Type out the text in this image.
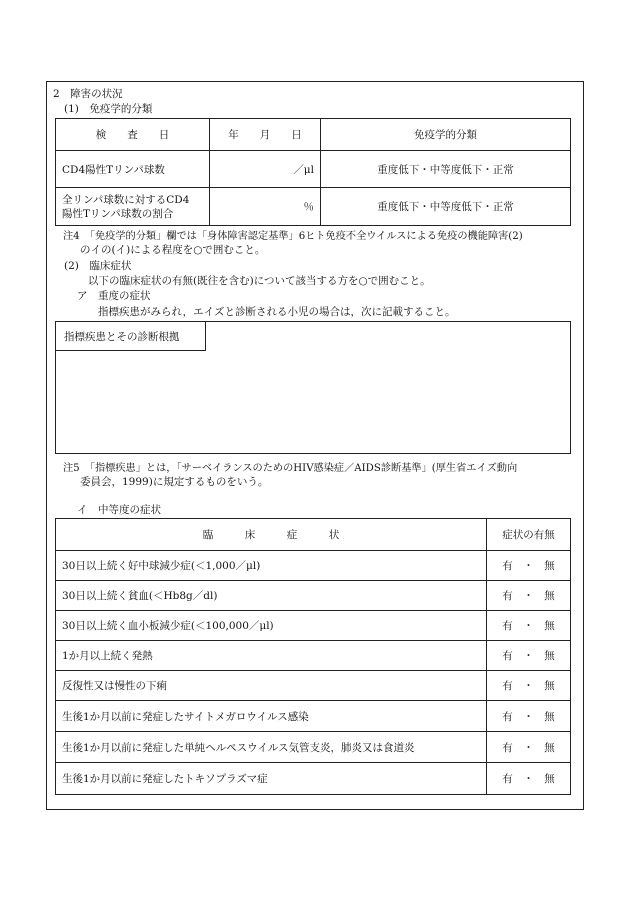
2　障害の状況
(1)　免疫学的分類
検　　査　　日	年　　月　　日	免疫学的分類
CD4陽性Tリンパ球数	／μl	重度低下・中等度低下・正常

全リンパ球数に対するCD4
陽性Tリンパ球数の割合	％	重度低下・中等度低下・正常
注4　「免疫学的分類」欄では「身体障害認定基準」6ヒト免疫不全ウイルスによる免疫の機能障害(2)
のイの(イ)による程度を○で囲むこと。
(2)　臨床症状
以下の臨床症状の有無(既往を含む)について該当する方を○で囲むこと。
ア　重度の症状
指標疾患がみられ，エイズと診断される小児の場合は，次に記載すること。
指標疾患とその診断根拠
注5　「指標疾患」とは，「サーベイランスのためのHIV感染症／AIDS診断基準」(厚生省エイズ動向
委員会，1999)に規定するものをいう。
イ　中等度の症状
臨　　　床　　　症　　　状	症状の有無
30日以上続く好中球減少症(＜1,000／μl)	有　・　無
30日以上続く貧血(＜Hb8g／dl)	有　・　無
30日以上続く血小板減少症(＜100,000／μl)	有　・　無
1か月以上続く発熱	有　・　無
反復性又は慢性の下痢	有　・　無
生後1か月以前に発症したサイトメガロウイルス感染	有　・　無
生後1か月以前に発症した単純ヘルペスウイルス気管支炎，肺炎又は食道炎	有　・　無
生後1か月以前に発症したトキソプラズマ症	有　・　無
